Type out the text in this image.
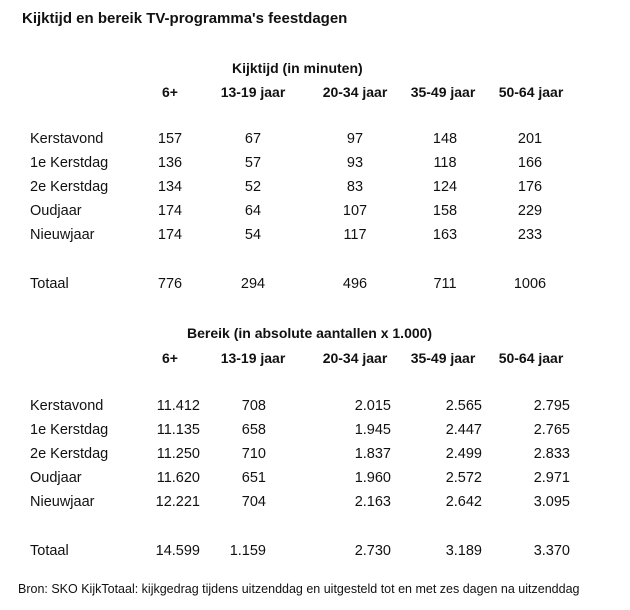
Kijktijd en bereik TV-programma's feestdagen
Kijktijd (in minuten)
6+	13-19 jaar	20-34 jaar	35-49 jaar	50-64 jaar
Kerstavond	157	67	97	148	201
1e Kerstdag	136	57	93	118	166
2e Kerstdag	134	52	83	124	176
Oudjaar	174	64	107	158	229
Nieuwjaar	174	54	117	163	233
Totaal	776	294	496	711	1006
Bereik (in absolute aantallen x 1.000)
6+	13-19 jaar	20-34 jaar	35-49 jaar	50-64 jaar
Kerstavond	11.412	708	2.015	2.565	2.795
1e Kerstdag	11.135	658	1.945	2.447	2.765
2e Kerstdag	11.250	710	1.837	2.499	2.833
Oudjaar	11.620	651	1.960	2.572	2.971
Nieuwjaar	12.221	704	2.163	2.642	3.095
Totaal	14.599	1.159	2.730	3.189	3.370
Bron: SKO KijkTotaal: kijkgedrag tijdens uitzenddag en uitgesteld tot en met zes dagen na uitzenddag
